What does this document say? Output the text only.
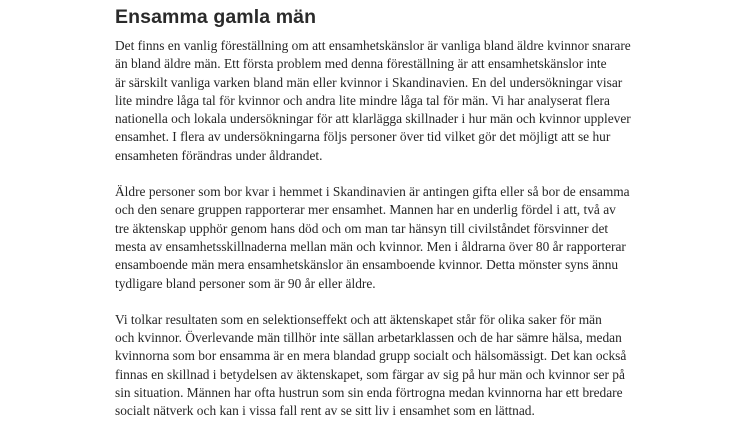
Ensamma gamla män

Det finns en vanlig föreställning om att ensamhetskänslor är vanliga bland äldre kvinnor snarare
än bland äldre män. Ett första problem med denna föreställning är att ensamhetskänslor inte
är särskilt vanliga varken bland män eller kvinnor i Skandinavien. En del undersökningar visar
lite mindre låga tal för kvinnor och andra lite mindre låga tal för män. Vi har analyserat flera
nationella och lokala undersökningar för att klarlägga skillnader i hur män och kvinnor upplever
ensamhet. I flera av undersökningarna följs personer över tid vilket gör det möjligt att se hur
ensamheten förändras under åldrandet.

Äldre personer som bor kvar i hemmet i Skandinavien är antingen gifta eller så bor de ensamma
och den senare gruppen rapporterar mer ensamhet. Mannen har en underlig fördel i att, två av
tre äktenskap upphör genom hans död och om man tar hänsyn till civilståndet försvinner det
mesta av ensamhetsskillnaderna mellan män och kvinnor. Men i åldrarna över 80 år rapporterar
ensamboende män mera ensamhetskänslor än ensamboende kvinnor. Detta mönster syns ännu
tydligare bland personer som är 90 år eller äldre.

Vi tolkar resultaten som en selektionseffekt och att äktenskapet står för olika saker för män
och kvinnor. Överlevande män tillhör inte sällan arbetarklassen och de har sämre hälsa, medan
kvinnorna som bor ensamma är en mera blandad grupp socialt och hälsomässigt. Det kan också
finnas en skillnad i betydelsen av äktenskapet, som färgar av sig på hur män och kvinnor ser på
sin situation. Männen har ofta hustrun som sin enda förtrogna medan kvinnorna har ett bredare
socialt nätverk och kan i vissa fall rent av se sitt liv i ensamhet som en lättnad.
